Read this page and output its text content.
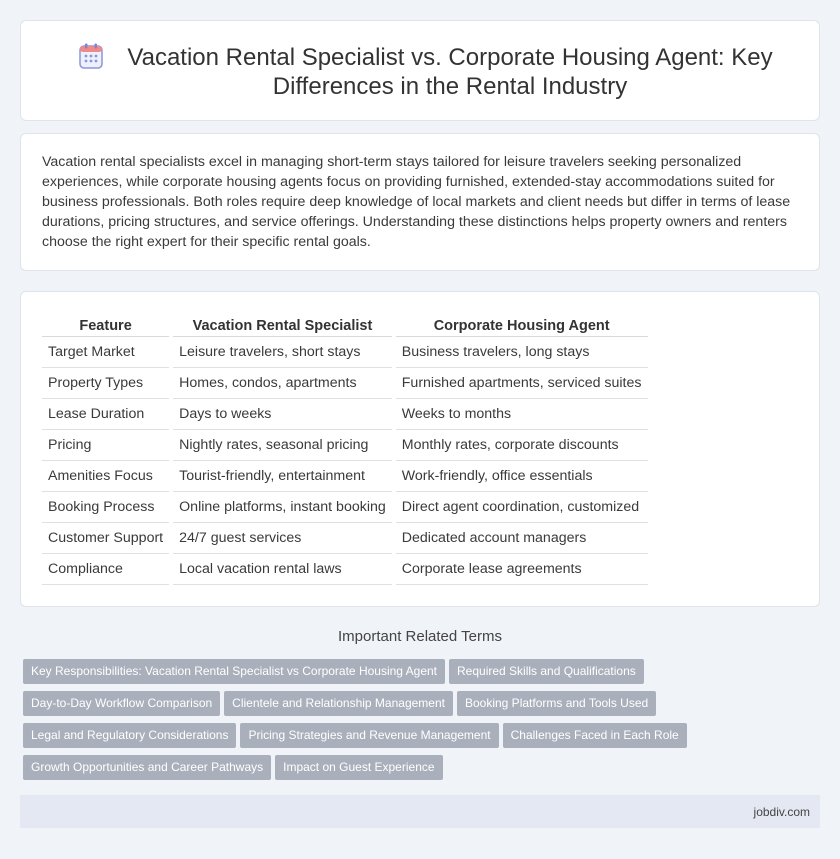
Vacation Rental Specialist vs. Corporate Housing Agent: Key Differences in the Rental Industry

Vacation rental specialists excel in managing short-term stays tailored for leisure travelers seeking personalized experiences, while corporate housing agents focus on providing furnished, extended-stay accommodations suited for business professionals. Both roles require deep knowledge of local markets and client needs but differ in terms of lease durations, pricing structures, and service offerings. Understanding these distinctions helps property owners and renters choose the right expert for their specific rental goals.

Feature	Vacation Rental Specialist	Corporate Housing Agent
Target Market	Leisure travelers, short stays	Business travelers, long stays
Property Types	Homes, condos, apartments	Furnished apartments, serviced suites
Lease Duration	Days to weeks	Weeks to months
Pricing	Nightly rates, seasonal pricing	Monthly rates, corporate discounts
Amenities Focus	Tourist-friendly, entertainment	Work-friendly, office essentials
Booking Process	Online platforms, instant booking	Direct agent coordination, customized
Customer Support	24/7 guest services	Dedicated account managers
Compliance	Local vacation rental laws	Corporate lease agreements
Important Related Terms
Key Responsibilities: Vacation Rental Specialist vs Corporate Housing Agent Required Skills and Qualifications
Day-to-Day Workflow Comparison Clientele and Relationship Management Booking Platforms and Tools Used
Legal and Regulatory Considerations Pricing Strategies and Revenue Management Challenges Faced in Each Role
Growth Opportunities and Career Pathways Impact on Guest Experience
jobdiv.com
